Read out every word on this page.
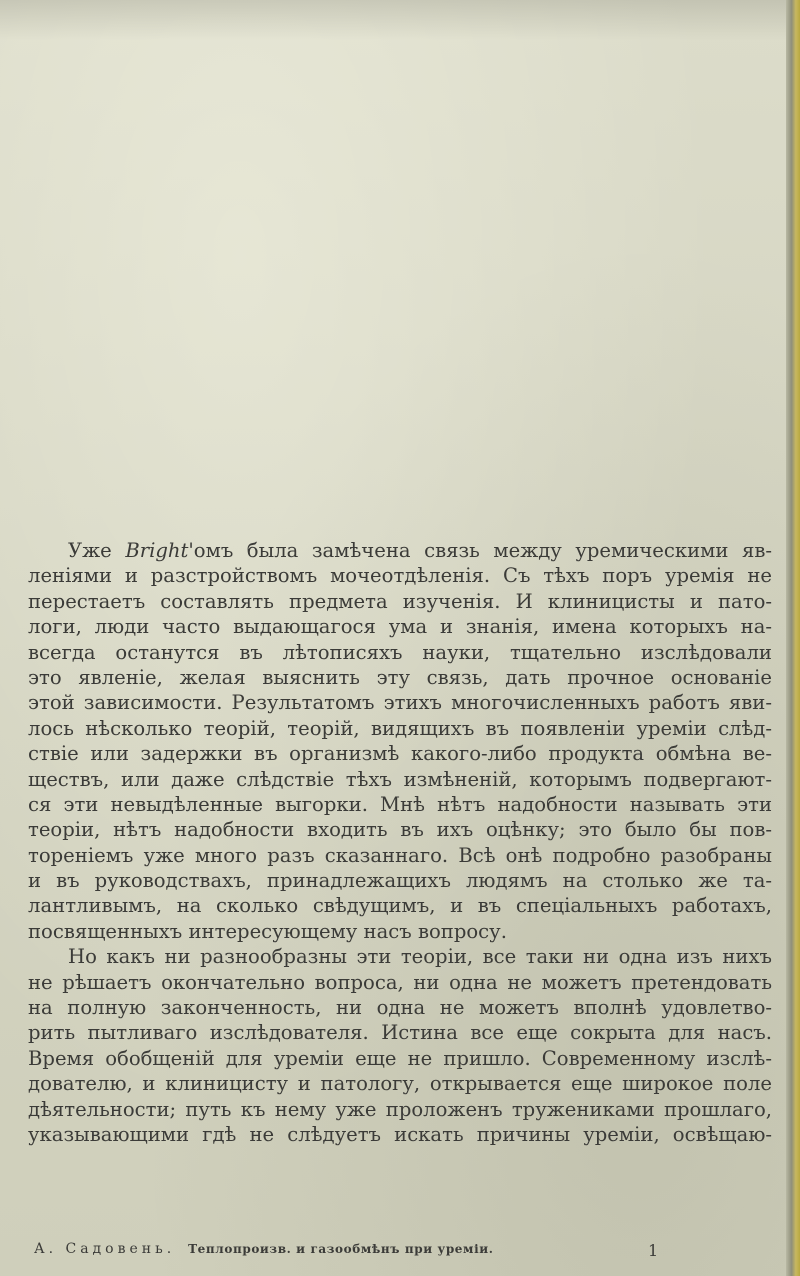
Уже Bright'омъ была замѣчена связь между уремическими яв-
леніями и разстройствомъ мочеотдѣленія. Съ тѣхъ поръ уремія не
перестаетъ составлять предмета изученія. И клиницисты и пато-
логи, люди часто выдающагося ума и знанія, имена которыхъ на-
всегда останутся въ лѣтописяхъ науки, тщательно изслѣдовали
это явленіе, желая выяснить эту связь, дать прочное основаніе
этой зависимости. Результатомъ этихъ многочисленныхъ работъ яви-
лось нѣсколько теорій, теорій, видящихъ въ появленіи уреміи слѣд-
ствіе или задержки въ организмѣ какого-либо продукта обмѣна ве-
ществъ, или даже слѣдствіе тѣхъ измѣненій, которымъ подвергают-
ся эти невыдѣленные выгорки. Мнѣ нѣтъ надобности называть эти
теоріи, нѣтъ надобности входить въ ихъ оцѣнку; это было бы пов-
тореніемъ уже много разъ сказаннаго. Всѣ онѣ подробно разобраны
и въ руководствахъ, принадлежащихъ людямъ на столько же та-
лантливымъ, на сколько свѣдущимъ, и въ спеціальныхъ работахъ,
посвященныхъ интересующему насъ вопросу.
Но какъ ни разнообразны эти теоріи, все таки ни одна изъ нихъ
не рѣшаетъ окончательно вопроса, ни одна не можетъ претендовать
на полную законченность, ни одна не можетъ вполнѣ удовлетво-
рить пытливаго изслѣдователя. Истина все еще сокрыта для насъ.
Время обобщеній для уреміи еще не пришло. Современному изслѣ-
дователю, и клиницисту и патологу, открывается еще широкое поле
дѣятельности; путь къ нему уже проложенъ тружениками прошлаго,
указывающими гдѣ не слѣдуетъ искать причины уреміи, освѣщаю-
А. Садовень. Теплопроизв. и газообмѣнъ при уреміи.	1
